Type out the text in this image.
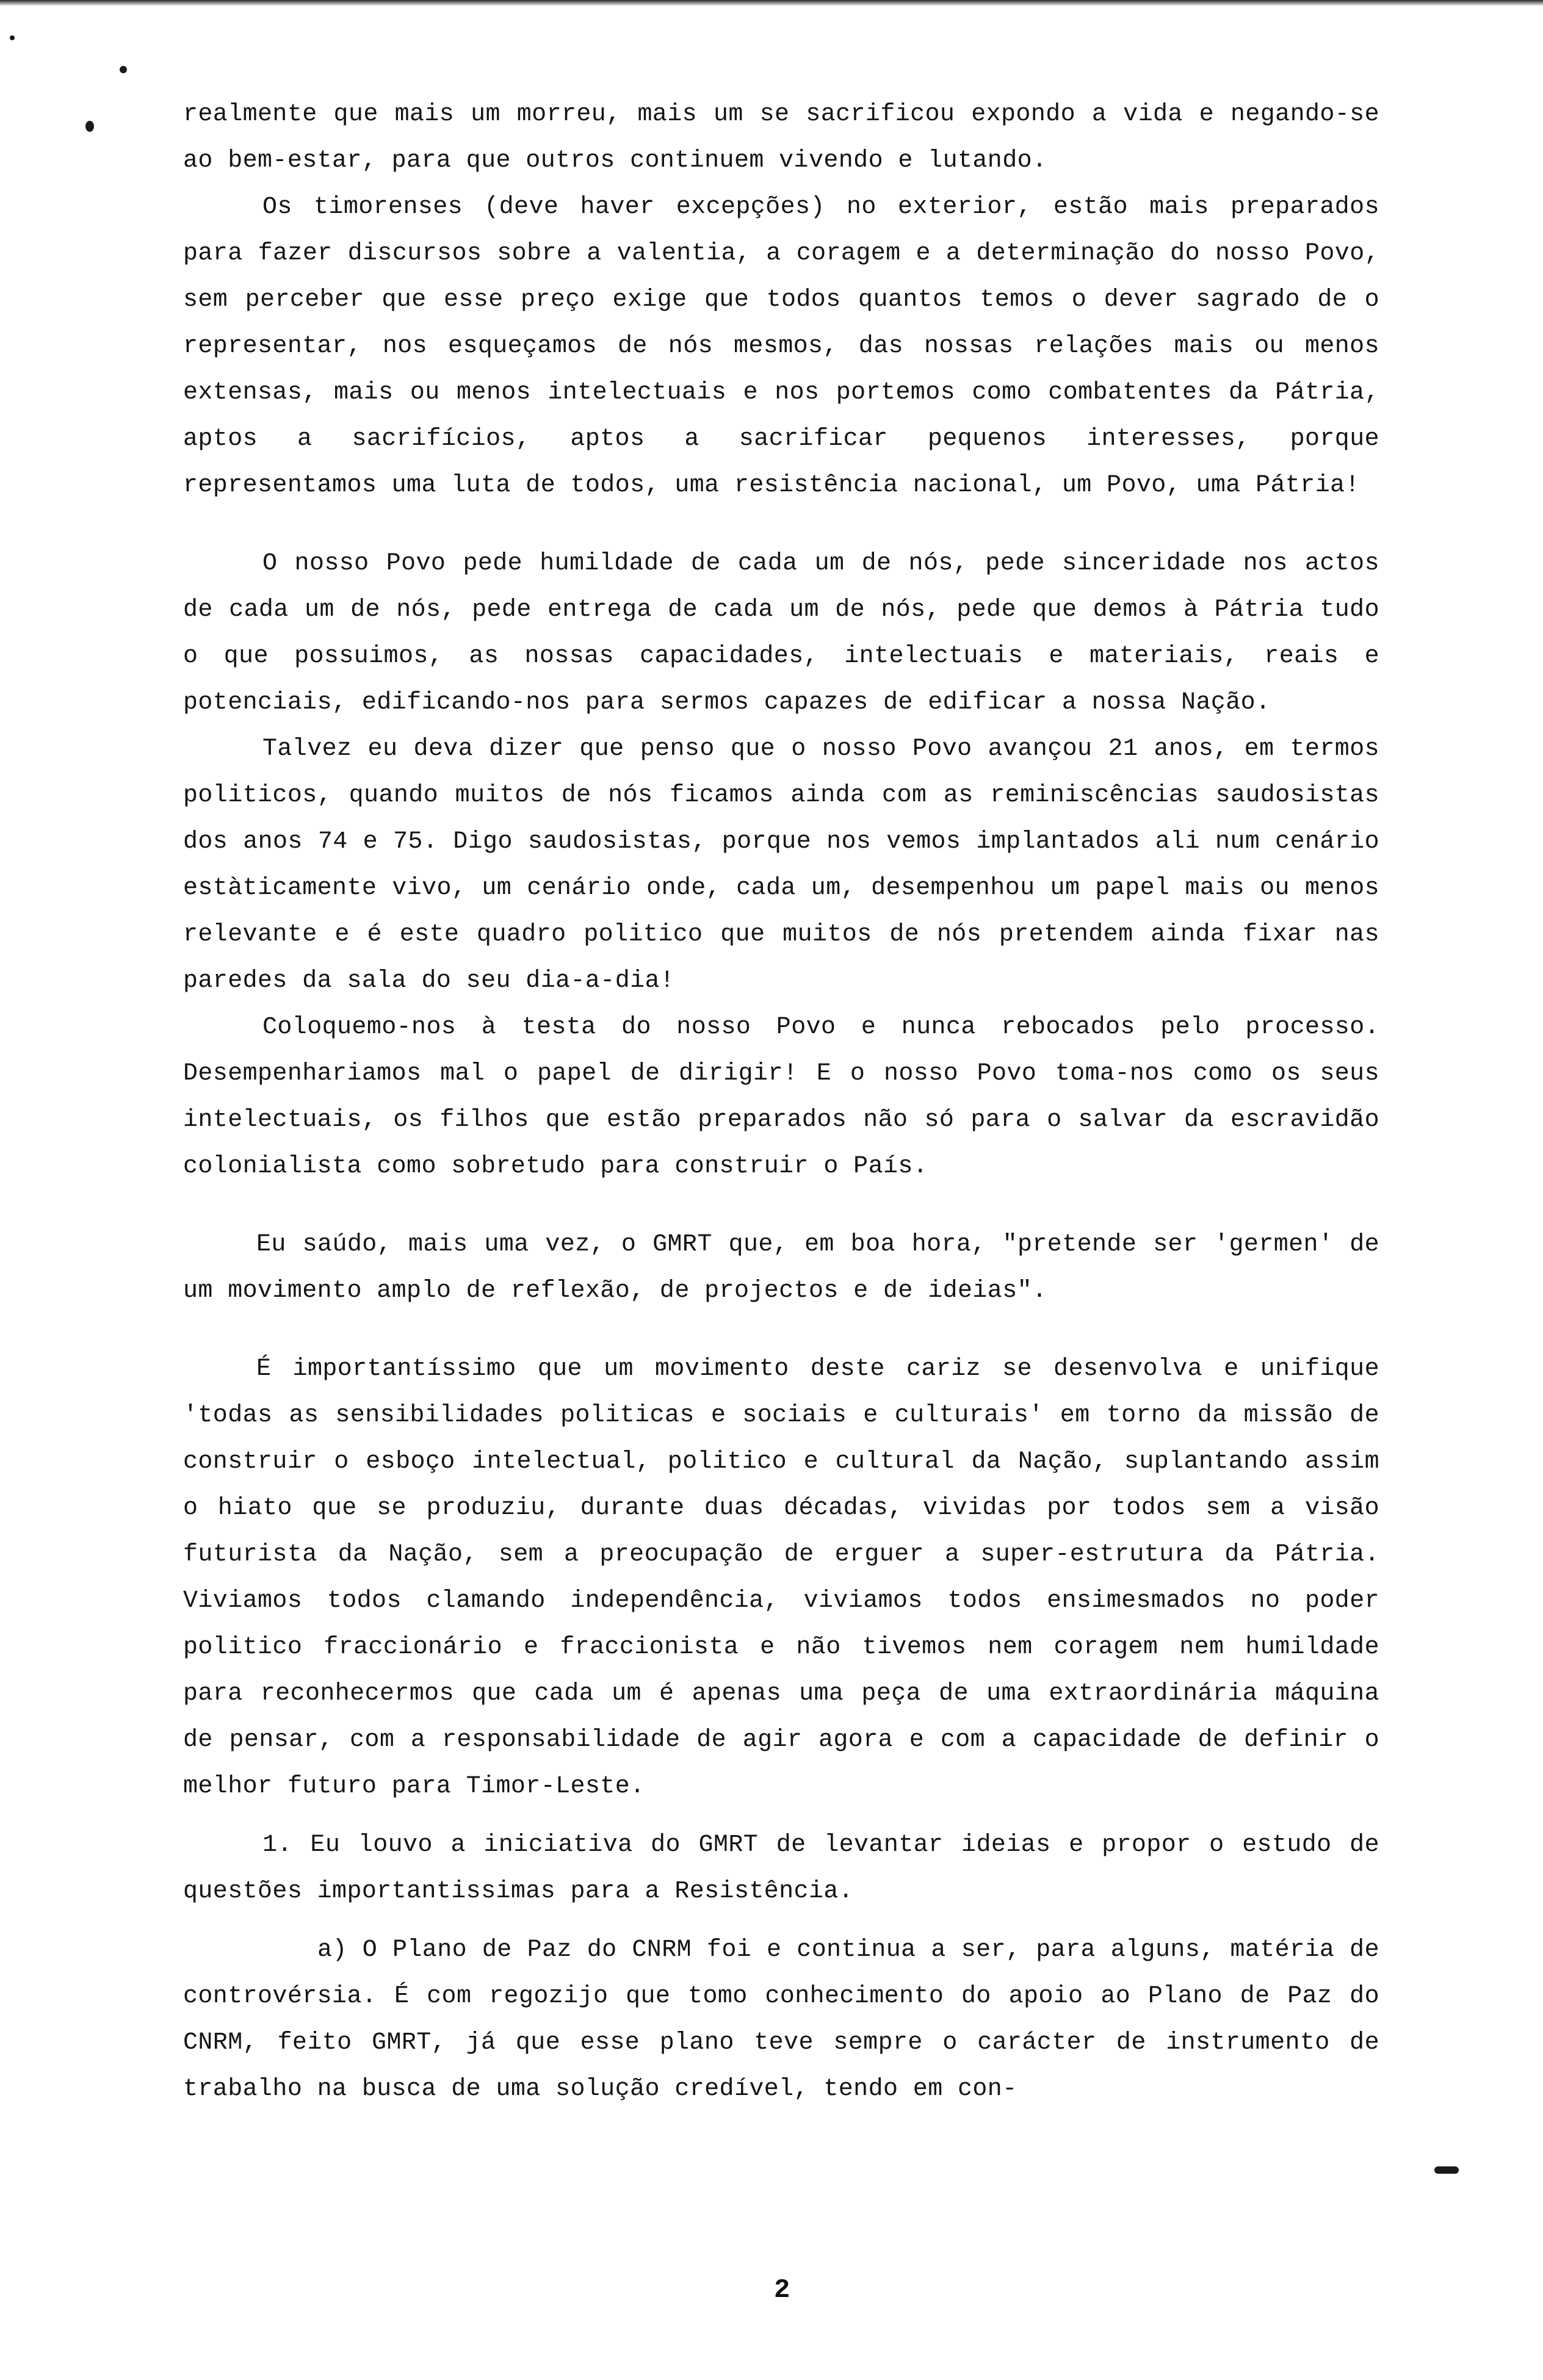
realmente que mais um morreu, mais um se sacrificou expondo a vida e negando-se ao bem-estar, para que outros continuem vivendo e lutando.

Os timorenses (deve haver excepções) no exterior, estão mais preparados para fazer discursos sobre a valentia, a coragem e a determinação do nosso Povo, sem perceber que esse preço exige que todos quantos temos o dever sagrado de o representar, nos esqueçamos de nós mesmos, das nossas relações mais ou menos extensas, mais ou menos intelectuais e nos portemos como combatentes da Pátria, aptos a sacrifícios, aptos a sacrificar pequenos interesses, porque representamos uma luta de todos, uma resistência nacional, um Povo, uma Pátria!

O nosso Povo pede humildade de cada um de nós, pede sinceridade nos actos de cada um de nós, pede entrega de cada um de nós, pede que demos à Pátria tudo o que possuimos, as nossas capacidades, intelectuais e materiais, reais e potenciais, edificando-nos para sermos capazes de edificar a nossa Nação.

Talvez eu deva dizer que penso que o nosso Povo avançou 21 anos, em termos politicos, quando muitos de nós ficamos ainda com as reminiscências saudosistas dos anos 74 e 75. Digo saudosistas, porque nos vemos implantados ali num cenário estàticamente vivo, um cenário onde, cada um, desempenhou um papel mais ou menos relevante e é este quadro politico que muitos de nós pretendem ainda fixar nas paredes da sala do seu dia-a-dia!

Coloquemo-nos à testa do nosso Povo e nunca rebocados pelo processo. Desempenhariamos mal o papel de dirigir! E o nosso Povo toma-nos como os seus intelectuais, os filhos que estão preparados não só para o salvar da escravidão colonialista como sobretudo para construir o País.

Eu saúdo, mais uma vez, o GMRT que, em boa hora, "pretende ser 'germen' de um movimento amplo de reflexão, de projectos e de ideias".

É importantíssimo que um movimento deste cariz se desenvolva e unifique 'todas as sensibilidades politicas e sociais e culturais' em torno da missão de construir o esboço intelectual, politico e cultural da Nação, suplantando assim o hiato que se produziu, durante duas décadas, vividas por todos sem a visão futurista da Nação, sem a preocupação de erguer a super-estrutura da Pátria. Viviamos todos clamando independência, viviamos todos ensimesmados no poder politico fraccionário e fraccionista e não tivemos nem coragem nem humildade para reconhecermos que cada um é apenas uma peça de uma extraordinária máquina de pensar, com a responsabilidade de agir agora e com a capacidade de definir o melhor futuro para Timor-Leste.

1. Eu louvo a iniciativa do GMRT de levantar ideias e propor o estudo de questões importantissimas para a Resistência.

a) O Plano de Paz do CNRM foi e continua a ser, para alguns, matéria de controvérsia. É com regozijo que tomo conhecimento do apoio ao Plano de Paz do CNRM, feito GMRT, já que esse plano teve sempre o carácter de instrumento de trabalho na busca de uma solução credível, tendo em con-

2
